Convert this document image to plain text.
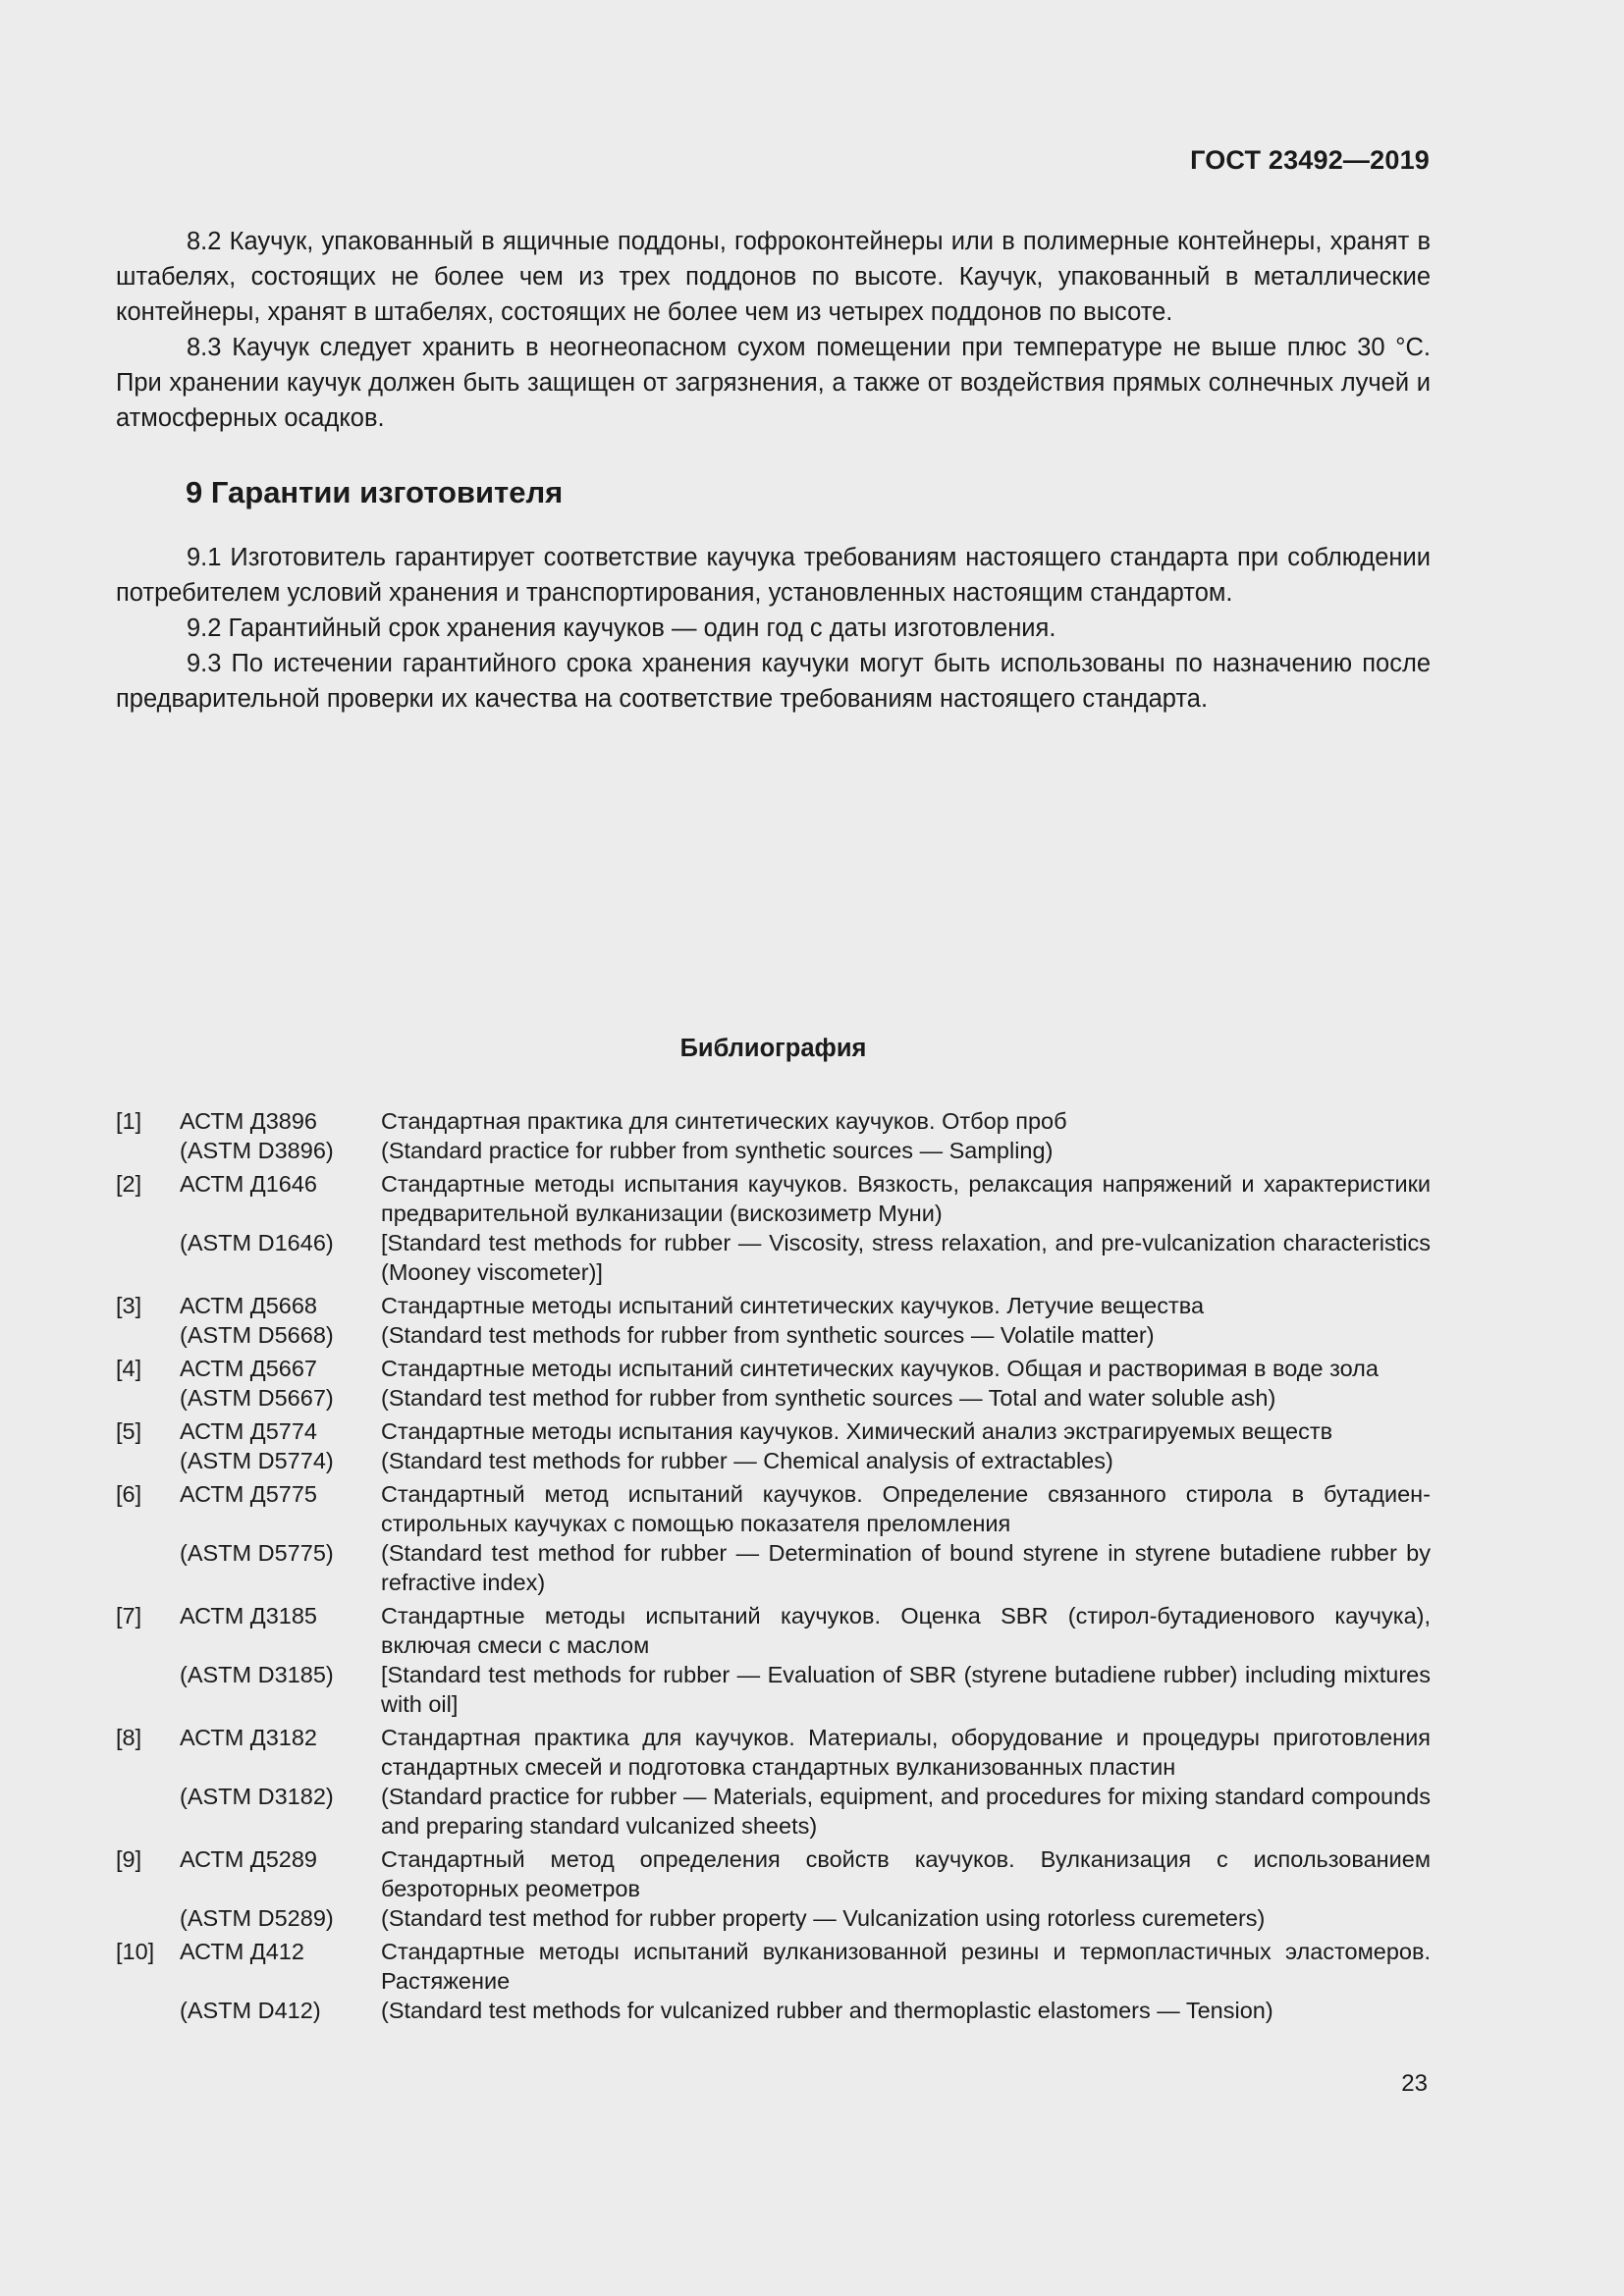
ГОСТ 23492—2019

8.2 Каучук, упакованный в ящичные поддоны, гофроконтейнеры или в полимерные контейнеры, хранят в штабелях, состоящих не более чем из трех поддонов по высоте. Каучук, упакованный в металлические контейнеры, хранят в штабелях, состоящих не более чем из четырех поддонов по высоте.

8.3 Каучук следует хранить в неогнеопасном сухом помещении при температуре не выше плюс 30 °С. При хранении каучук должен быть защищен от загрязнения, а также от воздействия прямых солнечных лучей и атмосферных осадков.

9 Гарантии изготовителя

9.1 Изготовитель гарантирует соответствие каучука требованиям настоящего стандарта при соблюдении потребителем условий хранения и транспортирования, установленных настоящим стандартом.

9.2 Гарантийный срок хранения каучуков — один год с даты изготовления.

9.3 По истечении гарантийного срока хранения каучуки могут быть использованы по назначению после предварительной проверки их качества на соответствие требованиям настоящего стандарта.

Библиография
[1]	АСТМ Д3896	Стандартная практика для синтетических каучуков. Отбор проб
(ASTM D3896)	(Standard practice for rubber from synthetic sources — Sampling)
[2]	АСТМ Д1646	Стандартные методы испытания каучуков. Вязкость, релаксация напряжений и характеристики предварительной вулканизации (вискозиметр Муни)
(ASTM D1646)	[Standard test methods for rubber — Viscosity, stress relaxation, and pre-vulcanization characteristics (Mooney viscometer)]
[3]	АСТМ Д5668	Стандартные методы испытаний синтетических каучуков. Летучие вещества
(ASTM D5668)	(Standard test methods for rubber from synthetic sources — Volatile matter)
[4]	АСТМ Д5667	Стандартные методы испытаний синтетических каучуков. Общая и растворимая в воде зола
(ASTM D5667)	(Standard test method for rubber from synthetic sources — Total and water soluble ash)
[5]	АСТМ Д5774	Стандартные методы испытания каучуков. Химический анализ экстрагируемых веществ
(ASTM D5774)	(Standard test methods for rubber — Chemical analysis of extractables)
[6]	АСТМ Д5775	Стандартный метод испытаний каучуков. Определение связанного стирола в бутадиен-стирольных каучуках с помощью показателя преломления
(ASTM D5775)	(Standard test method for rubber — Determination of bound styrene in styrene butadiene rubber by refractive index)
[7]	АСТМ Д3185	Стандартные методы испытаний каучуков. Оценка SBR (стирол-бутадиенового каучука), включая смеси с маслом
(ASTM D3185)	[Standard test methods for rubber — Evaluation of SBR (styrene butadiene rubber) including mixtures with oil]
[8]	АСТМ Д3182	Стандартная практика для каучуков. Материалы, оборудование и процедуры приготовления стандартных смесей и подготовка стандартных вулканизованных пластин
(ASTM D3182)	(Standard practice for rubber — Materials, equipment, and procedures for mixing standard compounds and preparing standard vulcanized sheets)
[9]	АСТМ Д5289	Стандартный метод определения свойств каучуков. Вулканизация с использованием безроторных реометров
(ASTM D5289)	(Standard test method for rubber property — Vulcanization using rotorless curemeters)
[10]	АСТМ Д412	Стандартные методы испытаний вулканизованной резины и термопластичных эластомеров. Растяжение
(ASTM D412)	(Standard test methods for vulcanized rubber and thermoplastic elastomers — Tension)
23
